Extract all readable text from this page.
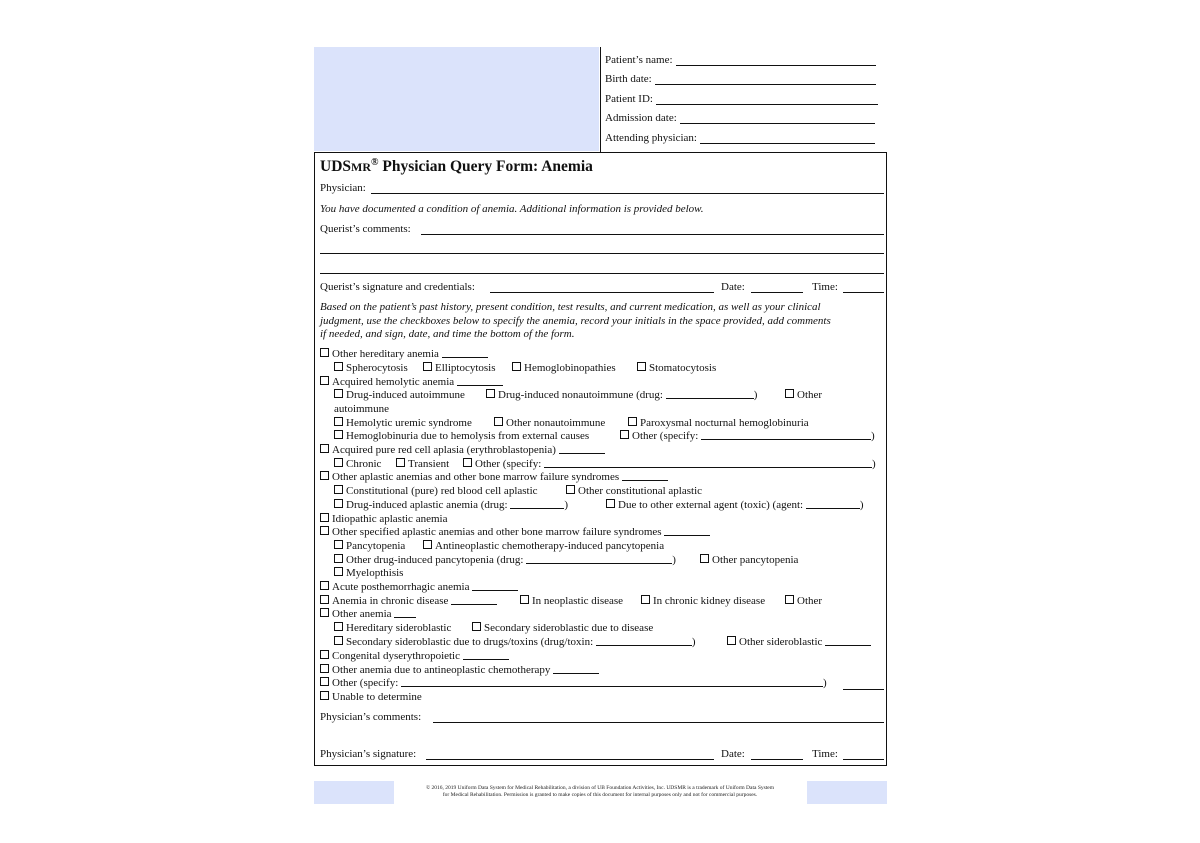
Patient’s name:
Birth date:
Patient ID:
Admission date:
Attending physician:
UDSMR® Physician Query Form: Anemia
Physician:
You have documented a condition of anemia. Additional information is provided below.
Querist’s comments:
Querist’s signature and credentials:	Date:	Time:
Based on the patient’s past history, present condition, test results, and current medication, as well as your clinical
judgment, use the checkboxes below to specify the anemia, record your initials in the space provided, add comments
if needed, and sign, date, and time the bottom of the form.
Other hereditary anemia
Spherocytosis	Elliptocytosis	Hemoglobinopathies	Stomatocytosis
Acquired hemolytic anemia
Drug-induced autoimmune	Drug-induced nonautoimmune (drug:	)	Other
autoimmune
Hemolytic uremic syndrome	Other nonautoimmune	Paroxysmal nocturnal hemoglobinuria
Hemoglobinuria due to hemolysis from external causes	Other (specify:	)
Acquired pure red cell aplasia (erythroblastopenia)
Chronic	Transient	Other (specify:	)
Other aplastic anemias and other bone marrow failure syndromes
Constitutional (pure) red blood cell aplastic	Other constitutional aplastic
Drug-induced aplastic anemia (drug:	)	Due to other external agent (toxic) (agent:	)
Idiopathic aplastic anemia
Other specified aplastic anemias and other bone marrow failure syndromes
Pancytopenia	Antineoplastic chemotherapy-induced pancytopenia
Other drug-induced pancytopenia (drug:	)	Other pancytopenia
Myelopthisis
Acute posthemorrhagic anemia
Anemia in chronic disease	In neoplastic disease	In chronic kidney disease	Other
Other anemia
Hereditary sideroblastic	Secondary sideroblastic due to disease
Secondary sideroblastic due to drugs/toxins (drug/toxin:	)	Other sideroblastic
Congenital dyserythropoietic
Other anemia due to antineoplastic chemotherapy
Other (specify:	)
Unable to determine
Physician’s comments:
Physician’s signature:	Date:	Time:
© 2016, 2019 Uniform Data System for Medical Rehabilitation, a division of UB Foundation Activities, Inc. UDSMR is a trademark of Uniform Data System
for Medical Rehabilitation. Permission is granted to make copies of this document for internal purposes only and not for commercial purposes.
